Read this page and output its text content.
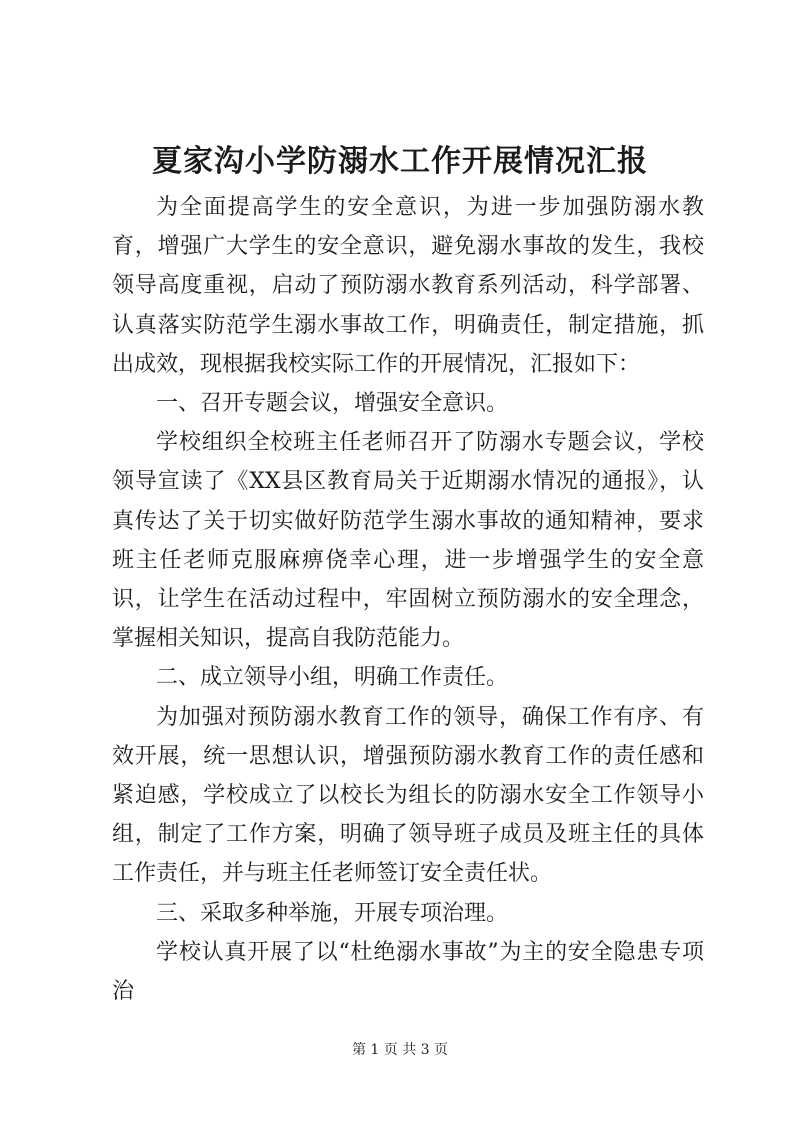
夏家沟小学防溺水工作开展情况汇报

为全面提高学生的安全意识，为进一步加强防溺水教育，增强广大学生的安全意识，避免溺水事故的发生，我校领导高度重视，启动了预防溺水教育系列活动，科学部署、认真落实防范学生溺水事故工作，明确责任，制定措施，抓出成效，现根据我校实际工作的开展情况，汇报如下：

一、召开专题会议，增强安全意识。

学校组织全校班主任老师召开了防溺水专题会议，学校领导宣读了《XX县区教育局关于近期溺水情况的通报》，认真传达了关于切实做好防范学生溺水事故的通知精神，要求班主任老师克服麻痹侥幸心理，进一步增强学生的安全意识，让学生在活动过程中，牢固树立预防溺水的安全理念，掌握相关知识，提高自我防范能力。

二、成立领导小组，明确工作责任。

为加强对预防溺水教育工作的领导，确保工作有序、有效开展，统一思想认识，增强预防溺水教育工作的责任感和紧迫感，学校成立了以校长为组长的防溺水安全工作领导小组，制定了工作方案，明确了领导班子成员及班主任的具体工作责任，并与班主任老师签订安全责任状。

三、采取多种举施，开展专项治理。

学校认真开展了以“杜绝溺水事故”为主的安全隐患专项治

第 1 页 共 3 页
